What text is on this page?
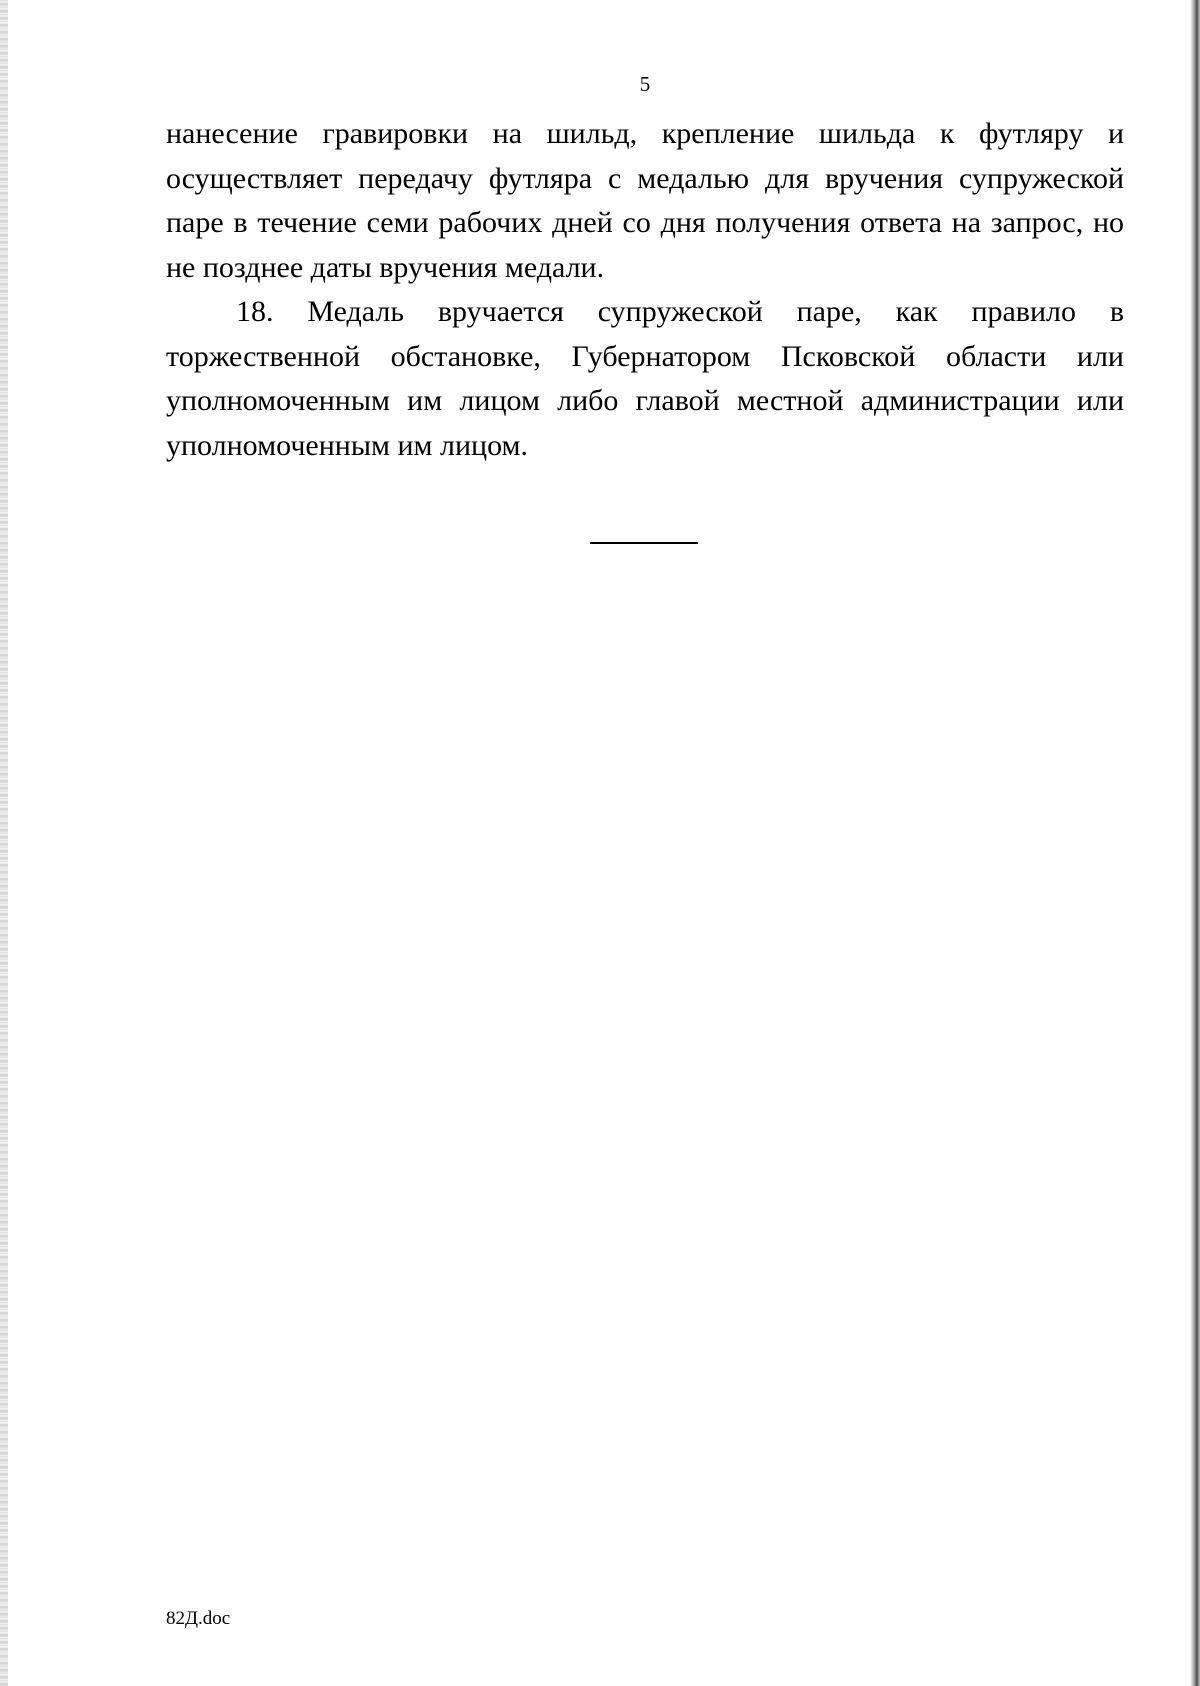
5

нанесение гравировки на шильд, крепление шильда к футляру и осуществляет передачу футляра с медалью для вручения супружеской паре в течение семи рабочих дней со дня получения ответа на запрос, но не позднее даты вручения медали.

18. Медаль вручается супружеской паре, как правило в торжественной обстановке, Губернатором Псковской области или уполномоченным им лицом либо главой местной администрации или уполномоченным им лицом.

82Д.doc
